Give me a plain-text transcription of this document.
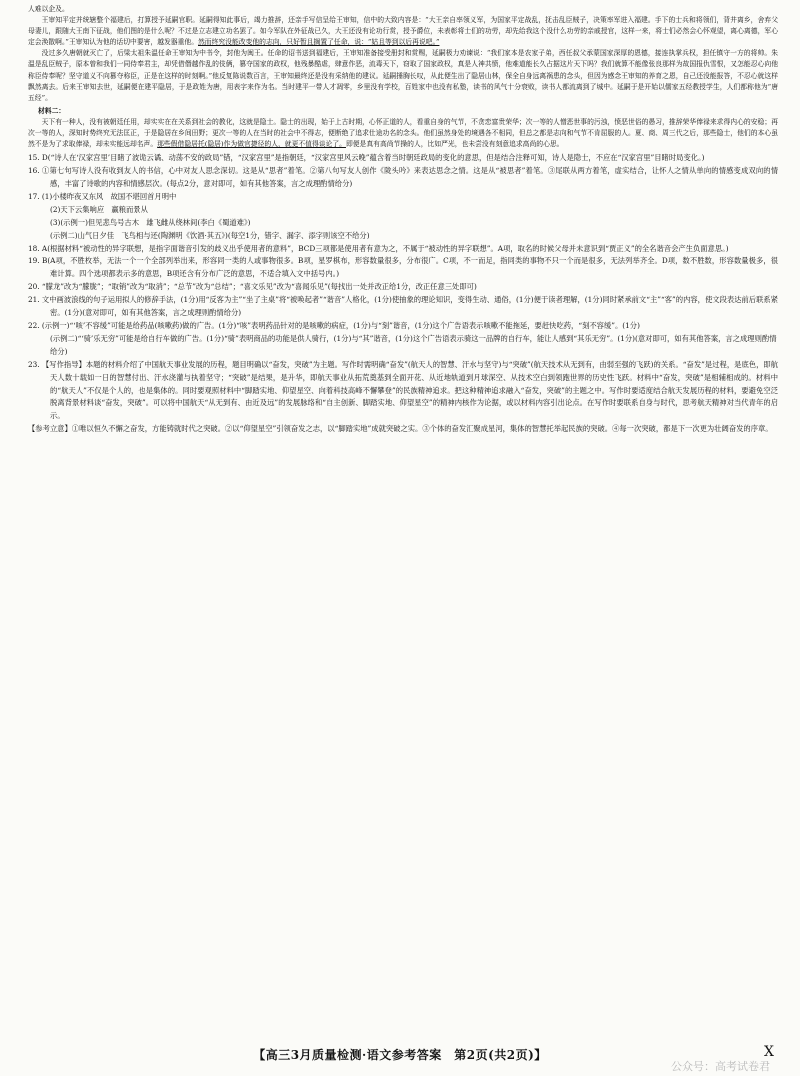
人难以企及。

王审知平定并统辖整个福建后，打算授予延嗣官职。延嗣得知此事后，竭力推辞，还亲手写信呈给王审知，信中的大致内容是：“大王亲自率领义军，为国家平定战乱，抚击乱臣贼子，决策率军进入福建。手下的士兵和将领们，背井离乡，舍弃父母妻儿，跟随大王南下征战，他们图的是什么呢？不过是立志建立功名罢了。如今军队在外征战已久，大王还没有论功行赏，授予爵位，未表彰将士们的功劳，却先给我这个没什么功劳的亲戚授官，这样一来，将士们必然会心怀观望，离心离德，军心定会涣散啊。”王审知认为他的话切中要害，越发器重他。然而终究没能改变他的志向，只好暂且搁置了任命，说：“姑且等到以后再说吧。”

没过多久唐朝就灭亡了，后梁太祖朱温任命王审知为中书令，封他为闽王。任命的诏书送到福建后，王审知准备接受册封和赏赐，延嗣极力劝谏说：“我们家本是农家子弟，西任叔父承蒙国家深厚的恩德，接连执掌兵权，担任镇守一方的将帅。朱温是乱臣贼子，原本曾和我们一同侍奉君主，却凭借僭越作乱的伎俩，篡夺国家的政权，他残暴酷虐，肆意作恶，流毒天下，窃取了国家政权，真是人神共愤，他难道能长久占据这片天下吗？我们就算不能像张良那样为故国报仇雪恨，又怎能忍心向他称臣侍奉呢？坚守道义不向篡夺称臣，正是在这样的时刻啊。”他反复陈说数百言，王审知最终还是没有采纳他的建议。延嗣捶胸长叹，从此便生出了隐居山林，保全自身远离祸患的念头，但因为感念王审知的养育之恩，自己还没能报答，不忍心就这样飘然离去。后来王审知去世，延嗣便在建平隐居，于是政姓为唐，用表字来作为名。当时建平一带人才凋零，乡里没有学校，百姓家中也没有私塾，读书的风气十分衰败，读书人都流离到了城中。延嗣于是开始以儒家五经教授学生，人们都称他为“唐五经”。

材料二：

天下有一种人，没有被朝廷任用，却实实在在关系到社会的教化，这就是隐士。隐士的出现，始于上古时期，心怀正道的人，看重自身的气节，不贪恋富贵荣华；次一等的人憎恶世事的污浊，愤恶世俗的愚习，推辞荣华俸禄来求得内心的安稳；再次一等的人，深知时势终究无法匡正，于是隐居在乡间田野；更次一等的人在当时的社会中不得志，便断绝了追求仕途功名的念头。他们虽然身处的境遇各不相同，但总之都是志向和气节不肯屈服的人。夏、商、周三代之后，那些隐士，他们的本心虽然不是为了求取俸禄，却未实能远却名声。那些假借隐居托(隐居)作为做官捷径的人，就更不值得谈论了。即便是真有高尚节操的人，比如严光，也未尝没有刻意追求高尚的心思。

15. D(“诗人在‘汉家宫里’目睹了波诡云谲、动荡不安的政局”错，“汉家宫里”是指朝廷，“汉家宫里风云晚”蕴含着当时朝廷政局的变化的意思，但是结合注释可知，诗人是隐士，不应在“汉家宫里”目睹时局变化。)

16. ①第七句写诗人没有收到友人的书信，心中对友人思念深切。这是从“思者”着笔。②第八句写友人创作《陇头吟》来表达思念之情。这是从“被思者”着笔。③尾联从两方着笔，虚实结合，让怀人之情从单向的情感变成双向的情感，丰富了诗歌的内容和情感层次。(每点2分，意对即可，如有其他答案，言之成理酌情给分)

17. (1)小楼昨夜又东风　故国不堪回首月明中

(2)天下云集响应　赢粮而景从

(3)(示例一)但见悲鸟号古木　雄飞雌从绕林间(李白《蜀道难》)

(示例二)山气日夕佳　飞鸟相与还(陶渊明《饮酒·其五》)(每空1分，错字、漏字、添字则该空不给分)

18. A(根据材料“被动性的异字联想，是指字面谐音引发的歧义出乎使用者的意料”，BCD三项都是使用者有意为之，不属于“被动性的异字联想”。A项，取名的时候父母并未意识到“贾正义”的全名谐音会产生负面意思。)

19. B(A项，不胜枚举，无法一个一个全部列举出来，形容同一类的人或事物很多。B项，星罗棋布，形容数量很多，分布很广。C项，不一而足，指同类的事物不只一个而是很多，无法列举齐全。D项，数不胜数，形容数量极多，很难计算。四个选项都表示多的意思，B项还含有分布广泛的意思，不适合填入文中括号内。)

20. “朦龙”改为“朦胧”；“取销”改为“取消”；“总节”改为“总结”；“喜文乐见”改为“喜闻乐见”(每找出一处并改正给1分，改正任意三处即可)

21. 文中画波浪线的句子运用拟人的修辞手法，(1分)用“反客为主”“坐了主桌”将“被唤起者”“谐音”人格化，(1分)使抽象的理论知识，变得生动、通俗，(1分)便于读者理解，(1分)同时紧承前文“主”“客”的内容，使文段表达前后联系紧密。(1分)(意对即可，如有其他答案，言之成理则酌情给分)

22. (示例一)“‘咳’不容缓”可能是给药品(咳嗽药)做的广告。(1分)“咳”表明药品针对的是咳嗽的病症，(1分)与“刻”谐音，(1分)这个广告语表示咳嗽不能拖延，要赶快吃药，“刻不容缓”。(1分)

(示例二)“‘骑’乐无穷”可能是给自行车做的广告。(1分)“骑”表明商品的功能是供人骑行，(1分)与“其”谐音，(1分)这个广告语表示骑这一品牌的自行车，能让人感到“其乐无穷”。(1分)(意对即可，如有其他答案，言之成理则酌情给分)

23. 【写作指导】本题的材料介绍了中国航天事业发展的历程，题目明确以“奋发，突破”为主题。写作时需明确“奋发”(航天人的智慧、汗水与坚守)与“突破”(航天技术从无到有，由弱至强的飞跃)的关系。“奋发”是过程，是底色，即航天人数十载如一日的智慧付出、汗水浇灌与执着坚守；“突破”是结果，是升华，即航天事业从拓荒奠基到全面开花、从近地轨道到月球深空、从技术空白到领跑世界的历史性飞跃。材料中“奋发，突破”是相辅相成的。材料中的“航天人”不仅是个人的，也是集体的。同时要观照材料中“脚踏实地、仰望星空、向着科技高峰不懈攀登”的民族精神追求。把这种精神追求融入“奋发，突破”的主题之中。写作时要适度结合航天发展历程的材料，要避免空泛脱离背景材料谈“奋发，突破”。可以将中国航天“从无到有、由近及远”的发展脉络和“自主创新、脚踏实地、仰望星空”的精神内核作为论据，或以材料内容引出论点。在写作时要联系自身与时代，思考航天精神对当代青年的启示。

【参考立意】①唯以恒久不懈之奋发，方能铸就时代之突破。②以“仰望星空”引领奋发之志，以“脚踏实地”成就突破之实。③个体的奋发汇聚成星河，集体的智慧托举起民族的突破。④每一次突破，都是下一次更为壮阔奋发的序章。

【高三3月质量检测·语文参考答案　第2页(共2页)】	X
公众号：高考试卷君
